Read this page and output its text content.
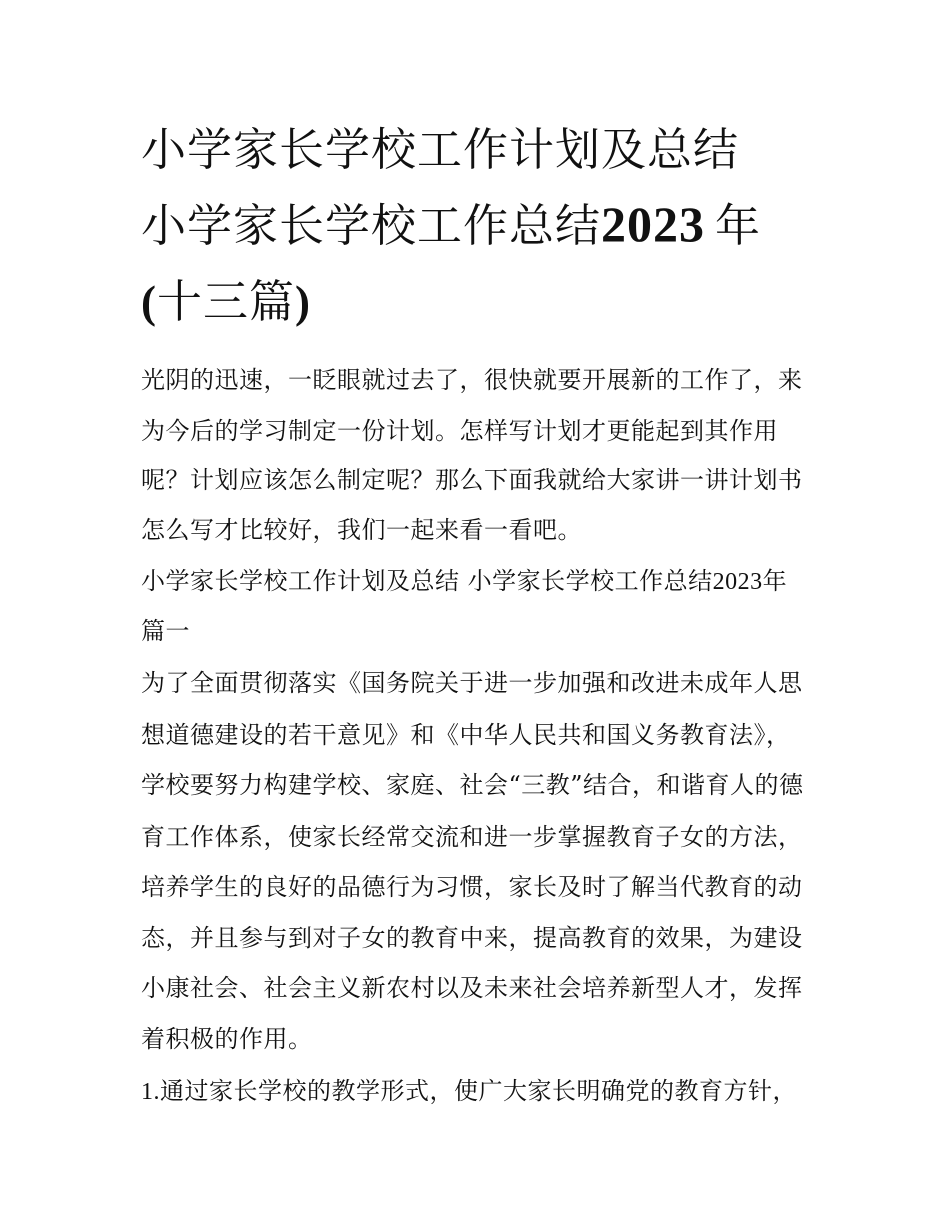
小学家长学校工作计划及总结
小学家长学校工作总结2023 年
(十三篇)

光阴的迅速，一眨眼就过去了，很快就要开展新的工作了，来

为今后的学习制定一份计划。怎样写计划才更能起到其作用

呢？计划应该怎么制定呢？那么下面我就给大家讲一讲计划书

怎么写才比较好，我们一起来看一看吧。

小学家长学校工作计划及总结 小学家长学校工作总结2023年

篇一

为了全面贯彻落实《国务院关于进一步加强和改进未成年人思

想道德建设的若干意见》和《中华人民共和国义务教育法》，

学校要努力构建学校、家庭、社会“三教”结合，和谐育人的德

育工作体系，使家长经常交流和进一步掌握教育子女的方法，

培养学生的良好的品德行为习惯，家长及时了解当代教育的动

态，并且参与到对子女的教育中来，提高教育的效果，为建设

小康社会、社会主义新农村以及未来社会培养新型人才，发挥

着积极的作用。

1.通过家长学校的教学形式，使广大家长明确党的教育方针，
